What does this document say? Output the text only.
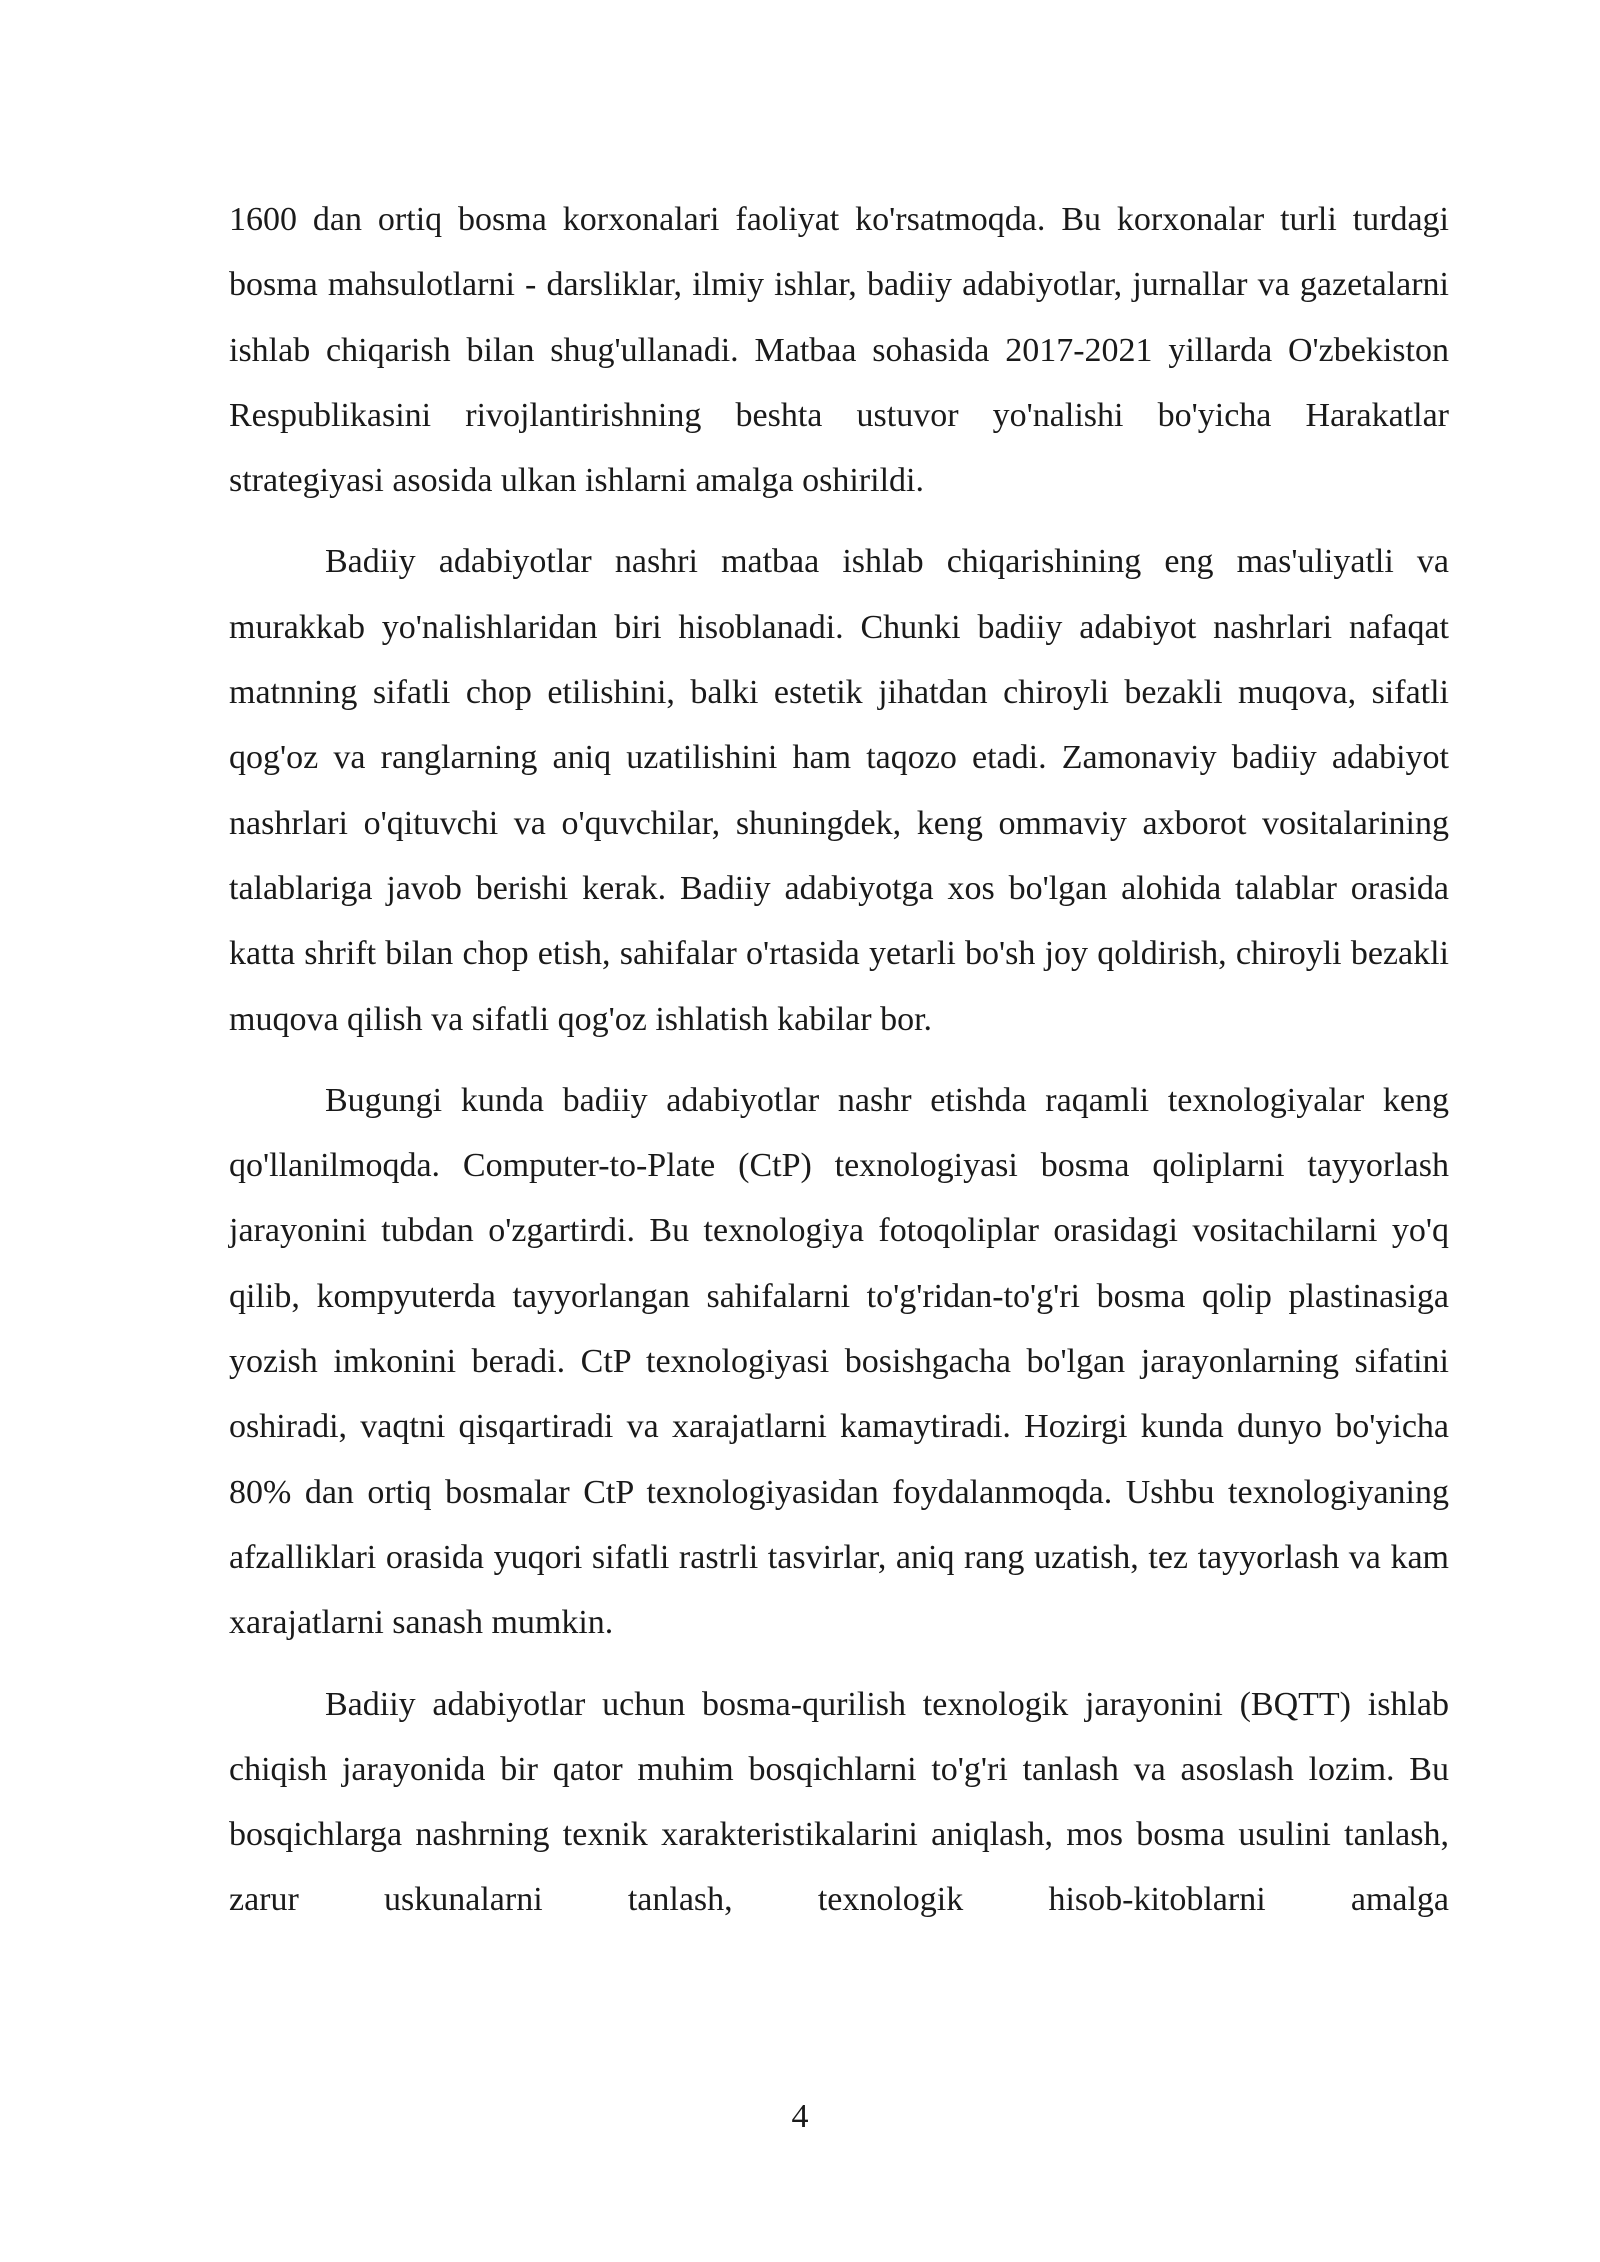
1600 dan ortiq bosma korxonalari faoliyat ko'rsatmoqda. Bu korxonalar turli turdagi bosma mahsulotlarni - darsliklar, ilmiy ishlar, badiiy adabiyotlar, jurnallar va gazetalarni ishlab chiqarish bilan shug'ullanadi. Matbaa sohasida 2017-2021 yillarda O'zbekiston Respublikasini rivojlantirishning beshta ustuvor yo'nalishi bo'yicha Harakatlar strategiyasi asosida ulkan ishlarni amalga oshirildi.

Badiiy adabiyotlar nashri matbaa ishlab chiqarishining eng mas'uliyatli va murakkab yo'nalishlaridan biri hisoblanadi. Chunki badiiy adabiyot nashrlari nafaqat matnning sifatli chop etilishini, balki estetik jihatdan chiroyli bezakli muqova, sifatli qog'oz va ranglarning aniq uzatilishini ham taqozo etadi. Zamonaviy badiiy adabiyot nashrlari o'qituvchi va o'quvchilar, shuningdek, keng ommaviy axborot vositalarining talablariga javob berishi kerak. Badiiy adabiyotga xos bo'lgan alohida talablar orasida katta shrift bilan chop etish, sahifalar o'rtasida yetarli bo'sh joy qoldirish, chiroyli bezakli muqova qilish va sifatli qog'oz ishlatish kabilar bor.

Bugungi kunda badiiy adabiyotlar nashr etishda raqamli texnologiyalar keng qo'llanilmoqda. Computer-to-Plate (CtP) texnologiyasi bosma qoliplarni tayyorlash jarayonini tubdan o'zgartirdi. Bu texnologiya fotoqoliplar orasidagi vositachilarni yo'q qilib, kompyuterda tayyorlangan sahifalarni to'g'ridan-to'g'ri bosma qolip plastinasiga yozish imkonini beradi. CtP texnologiyasi bosishgacha bo'lgan jarayonlarning sifatini oshiradi, vaqtni qisqartiradi va xarajatlarni kamaytiradi. Hozirgi kunda dunyo bo'yicha 80% dan ortiq bosmalar CtP texnologiyasidan foydalanmoqda. Ushbu texnologiyaning afzalliklari orasida yuqori sifatli rastrli tasvirlar, aniq rang uzatish, tez tayyorlash va kam xarajatlarni sanash mumkin.

Badiiy adabiyotlar uchun bosma-qurilish texnologik jarayonini (BQTT) ishlab chiqish jarayonida bir qator muhim bosqichlarni to'g'ri tanlash va asoslash lozim. Bu bosqichlarga nashrning texnik xarakteristikalarini aniqlash, mos bosma usulini tanlash, zarur uskunalarni tanlash, texnologik hisob-kitoblarni amalga

4
